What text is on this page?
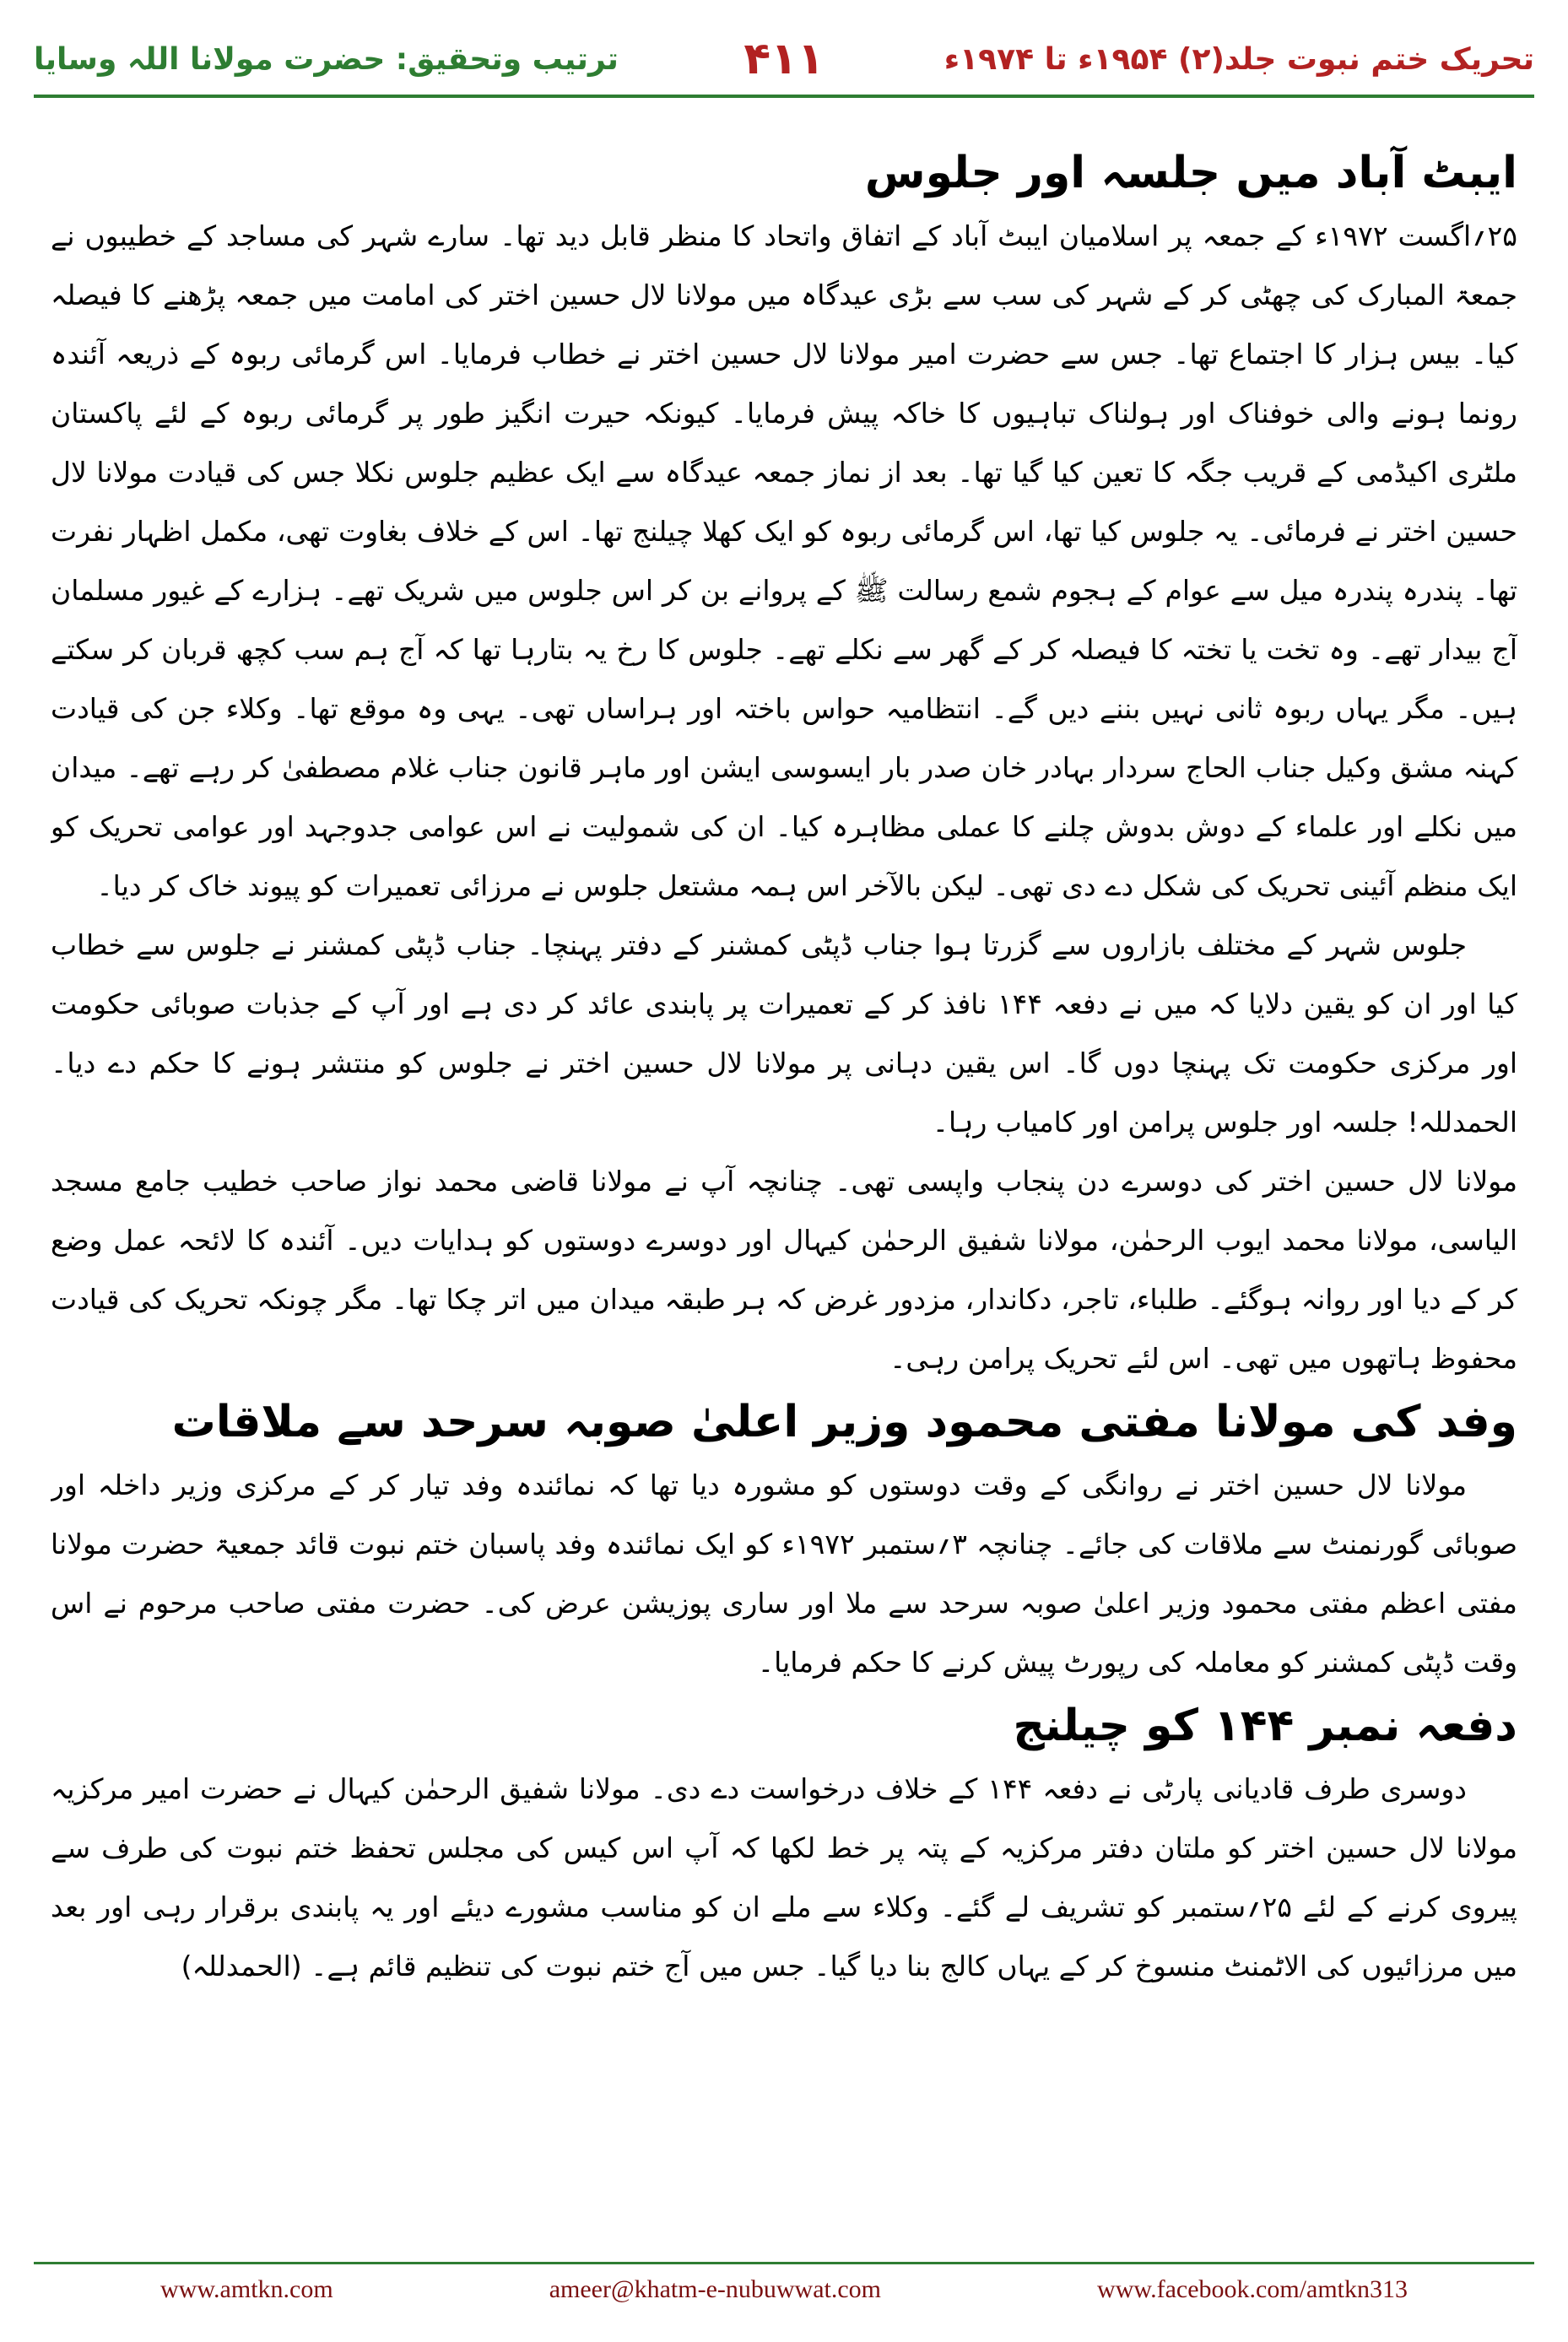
تحریک ختم نبوت جلد(۲) ۱۹۵۴ء تا ۱۹۷۴ء
۴۱۱
ترتیب وتحقیق: حضرت مولانا اللہ وسایا
ایبٹ آباد میں جلسہ اور جلوس

۲۵؍اگست ۱۹۷۲ء کے جمعہ پر اسلامیان ایبٹ آباد کے اتفاق واتحاد کا منظر قابل دید تھا۔ سارے شہر کی مساجد کے خطیبوں نے جمعۃ المبارک کی چھٹی کر کے شہر کی سب سے بڑی عیدگاہ میں مولانا لال حسین اختر کی امامت میں جمعہ پڑھنے کا فیصلہ کیا۔ بیس ہزار کا اجتماع تھا۔ جس سے حضرت امیر مولانا لال حسین اختر نے خطاب فرمایا۔ اس گرمائی ربوہ کے ذریعہ آئندہ رونما ہونے والی خوفناک اور ہولناک تباہیوں کا خاکہ پیش فرمایا۔ کیونکہ حیرت انگیز طور پر گرمائی ربوہ کے لئے پاکستان ملٹری اکیڈمی کے قریب جگہ کا تعین کیا گیا تھا۔ بعد از نماز جمعہ عیدگاہ سے ایک عظیم جلوس نکلا جس کی قیادت مولانا لال حسین اختر نے فرمائی۔ یہ جلوس کیا تھا، اس گرمائی ربوہ کو ایک کھلا چیلنج تھا۔ اس کے خلاف بغاوت تھی، مکمل اظہار نفرت تھا۔ پندرہ پندرہ میل سے عوام کے ہجوم شمع رسالت ﷺ کے پروانے بن کر اس جلوس میں شریک تھے۔ ہزارے کے غیور مسلمان آج بیدار تھے۔ وہ تخت یا تختہ کا فیصلہ کر کے گھر سے نکلے تھے۔ جلوس کا رخ یہ بتارہا تھا کہ آج ہم سب کچھ قربان کر سکتے ہیں۔ مگر یہاں ربوہ ثانی نہیں بننے دیں گے۔ انتظامیہ حواس باختہ اور ہراساں تھی۔ یہی وہ موقع تھا۔ وکلاء جن کی قیادت کہنہ مشق وکیل جناب الحاج سردار بہادر خان صدر بار ایسوسی ایشن اور ماہر قانون جناب غلام مصطفیٰ کر رہے تھے۔ میدان میں نکلے اور علماء کے دوش بدوش چلنے کا عملی مظاہرہ کیا۔ ان کی شمولیت نے اس عوامی جدوجہد اور عوامی تحریک کو ایک منظم آئینی تحریک کی شکل دے دی تھی۔ لیکن بالآخر اس ہمہ مشتعل جلوس نے مرزائی تعمیرات کو پیوند خاک کر دیا۔

جلوس شہر کے مختلف بازاروں سے گزرتا ہوا جناب ڈپٹی کمشنر کے دفتر پہنچا۔ جناب ڈپٹی کمشنر نے جلوس سے خطاب کیا اور ان کو یقین دلایا کہ میں نے دفعہ ۱۴۴ نافذ کر کے تعمیرات پر پابندی عائد کر دی ہے اور آپ کے جذبات صوبائی حکومت اور مرکزی حکومت تک پہنچا دوں گا۔ اس یقین دہانی پر مولانا لال حسین اختر نے جلوس کو منتشر ہونے کا حکم دے دیا۔ الحمدللہ! جلسہ اور جلوس پرامن اور کامیاب رہا۔

مولانا لال حسین اختر کی دوسرے دن پنجاب واپسی تھی۔ چنانچہ آپ نے مولانا قاضی محمد نواز صاحب خطیب جامع مسجد الیاسی، مولانا محمد ایوب الرحمٰن، مولانا شفیق الرحمٰن کیہال اور دوسرے دوستوں کو ہدایات دیں۔ آئندہ کا لائحہ عمل وضع کر کے دیا اور روانہ ہوگئے۔ طلباء، تاجر، دکاندار، مزدور غرض کہ ہر طبقہ میدان میں اتر چکا تھا۔ مگر چونکہ تحریک کی قیادت محفوظ ہاتھوں میں تھی۔ اس لئے تحریک پرامن رہی۔

وفد کی مولانا مفتی محمود وزیر اعلیٰ صوبہ سرحد سے ملاقات

مولانا لال حسین اختر نے روانگی کے وقت دوستوں کو مشورہ دیا تھا کہ نمائندہ وفد تیار کر کے مرکزی وزیر داخلہ اور صوبائی گورنمنٹ سے ملاقات کی جائے۔ چنانچہ ۳؍ستمبر ۱۹۷۲ء کو ایک نمائندہ وفد پاسبان ختم نبوت قائد جمعیۃ حضرت مولانا مفتی اعظم مفتی محمود وزیر اعلیٰ صوبہ سرحد سے ملا اور ساری پوزیشن عرض کی۔ حضرت مفتی صاحب مرحوم نے اس وقت ڈپٹی کمشنر کو معاملہ کی رپورٹ پیش کرنے کا حکم فرمایا۔

دفعہ نمبر ۱۴۴ کو چیلنج

دوسری طرف قادیانی پارٹی نے دفعہ ۱۴۴ کے خلاف درخواست دے دی۔ مولانا شفیق الرحمٰن کیہال نے حضرت امیر مرکزیہ مولانا لال حسین اختر کو ملتان دفتر مرکزیہ کے پتہ پر خط لکھا کہ آپ اس کیس کی مجلس تحفظ ختم نبوت کی طرف سے پیروی کرنے کے لئے ۲۵؍ستمبر کو تشریف لے گئے۔ وکلاء سے ملے ان کو مناسب مشورے دیئے اور یہ پابندی برقرار رہی اور بعد میں مرزائیوں کی الاٹمنٹ منسوخ کر کے یہاں کالج بنا دیا گیا۔ جس میں آج ختم نبوت کی تنظیم قائم ہے۔ (الحمدللہ)

www.amtkn.com	ameer@khatm-e-nubuwwat.com	www.facebook.com/amtkn313
